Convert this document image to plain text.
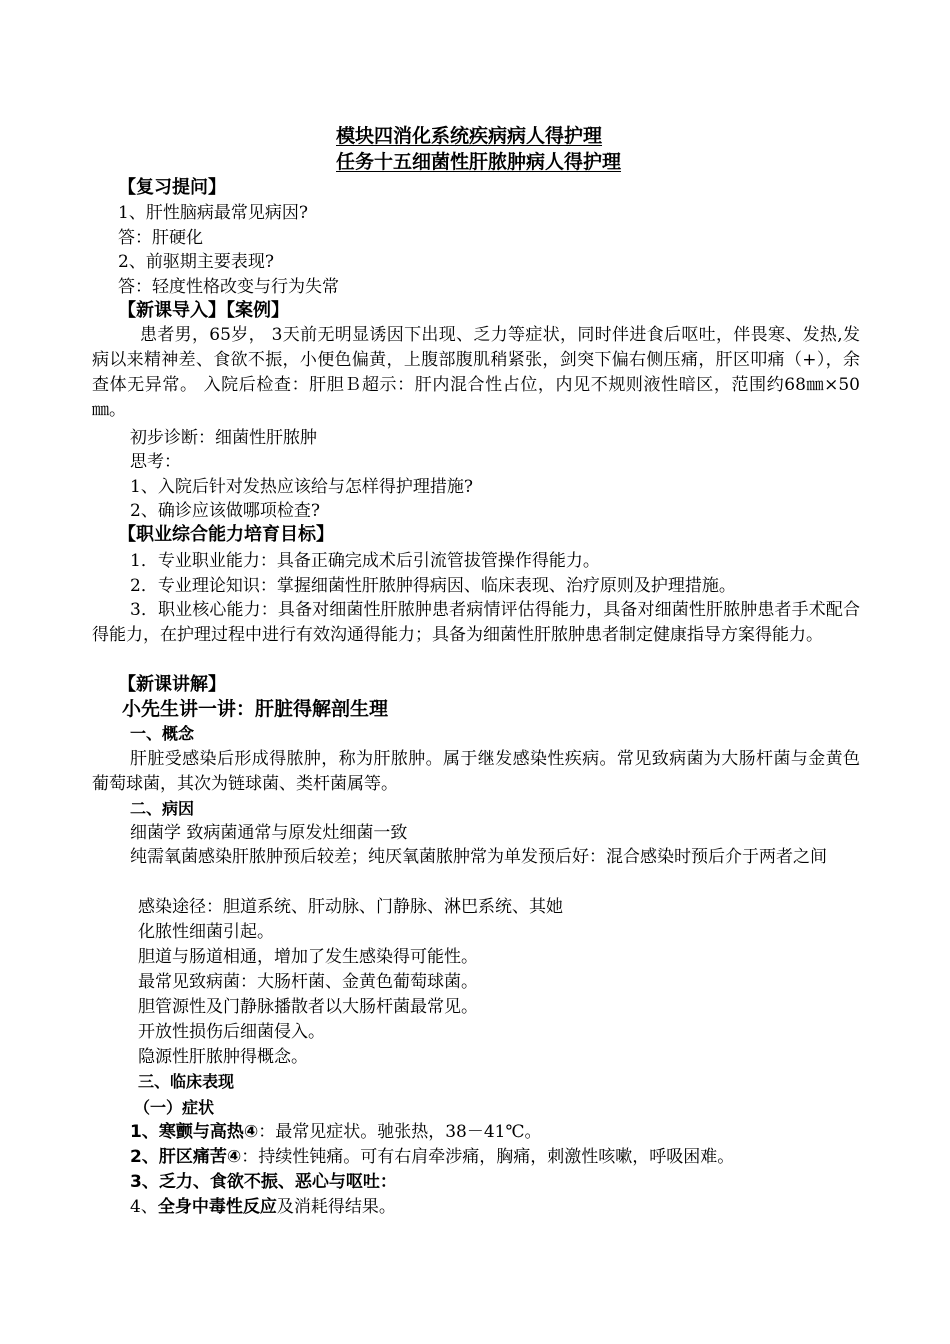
模块四消化系统疾病病人得护理
任务十五细菌性肝脓肿病人得护理
【复习提问】
1、肝性脑病最常见病因?
答：肝硬化
2、前驱期主要表现?
答：轻度性格改变与行为失常
【新课导入】【案例】
患者男，65岁， 3天前无明显诱因下出现、乏力等症状，同时伴进食后呕吐，伴畏寒、发热,发病以来精神差、食欲不振，小便色偏黄，上腹部腹肌稍紧张，剑突下偏右侧压痛，肝区叩痛（+），余查体无异常。 入院后检查：肝胆Ｂ超示：肝内混合性占位，内见不规则液性暗区，范围约68㎜×50㎜。
初步诊断：细菌性肝脓肿
思考：
1、入院后针对发热应该给与怎样得护理措施?
2、确诊应该做哪项检查?
【职业综合能力培育目标】
1．专业职业能力：具备正确完成术后引流管拔管操作得能力。
2．专业理论知识：掌握细菌性肝脓肿得病因、临床表现、治疗原则及护理措施。
3．职业核心能力：具备对细菌性肝脓肿患者病情评估得能力，具备对细菌性肝脓肿患者手术配合得能力，在护理过程中进行有效沟通得能力；具备为细菌性肝脓肿患者制定健康指导方案得能力。
【新课讲解】
小先生讲一讲：肝脏得解剖生理
一、概念
肝脏受感染后形成得脓肿，称为肝脓肿。属于继发感染性疾病。常见致病菌为大肠杆菌与金黄色葡萄球菌，其次为链球菌、类杆菌属等。
二、病因
细菌学 致病菌通常与原发灶细菌一致
纯需氧菌感染肝脓肿预后较差；纯厌氧菌脓肿常为单发预后好：混合感染时预后介于两者之间
感染途径：胆道系统、肝动脉、门静脉、淋巴系统、其她
化脓性细菌引起。
胆道与肠道相通，增加了发生感染得可能性。
最常见致病菌：大肠杆菌、金黄色葡萄球菌。
胆管源性及门静脉播散者以大肠杆菌最常见。
开放性损伤后细菌侵入。
隐源性肝脓肿得概念。
三、临床表现
（一）症状
1、寒颤与高热④：最常见症状。驰张热，38－41℃。
2、肝区痛苦④：持续性钝痛。可有右肩牵涉痛，胸痛，刺激性咳嗽，呼吸困难。
3、乏力、食欲不振、恶心与呕吐：
4、全身中毒性反应及消耗得结果。
